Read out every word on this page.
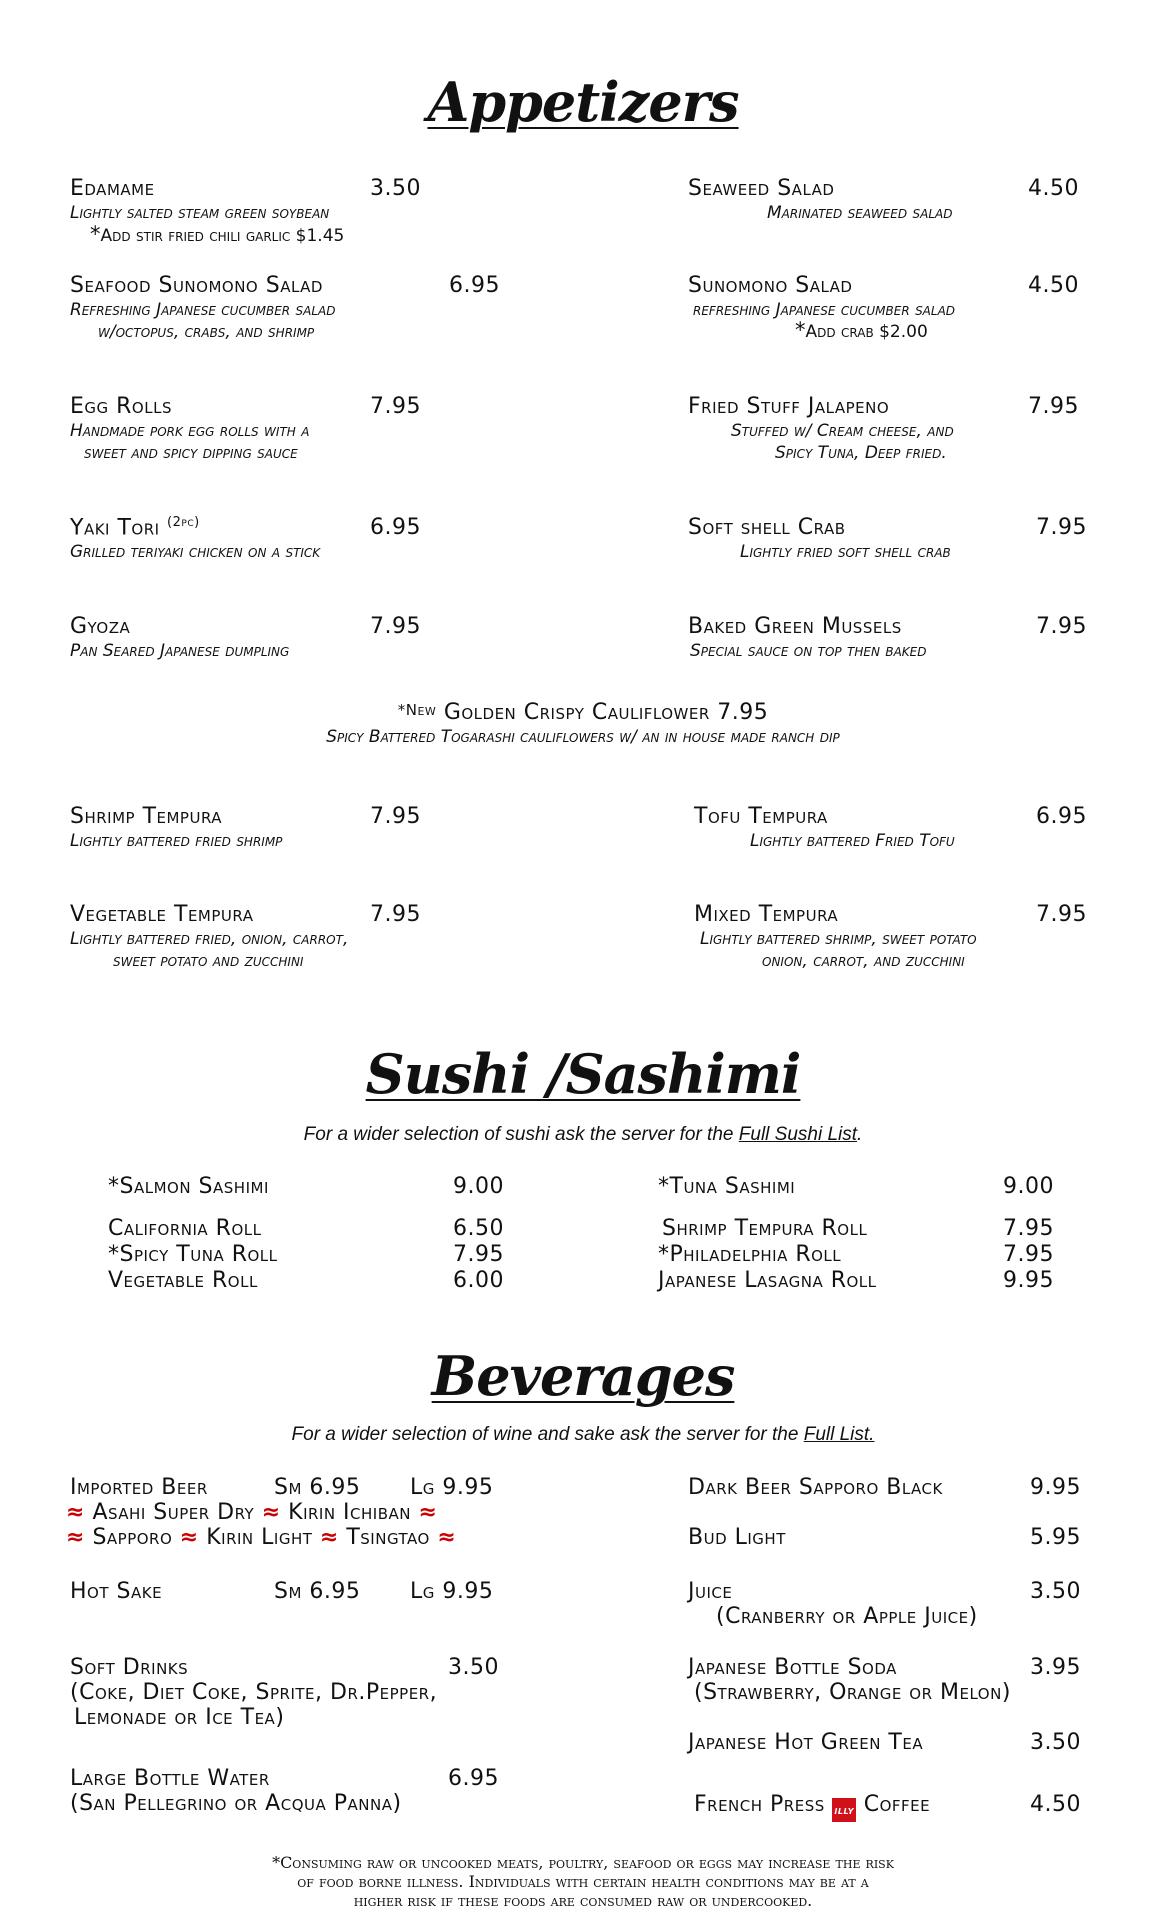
Appetizers
Edamame	3.50
Lightly salted steam green soybean
*Add stir fried chili garlic $1.45
Seafood Sunomono Salad	6.95
Refreshing Japanese cucumber salad
w/octopus, crabs, and shrimp
Egg Rolls	7.95
Handmade pork egg rolls with a
sweet and spicy dipping sauce
Yaki Tori $^{(2pc)}$	6.95
Grilled teriyaki chicken on a stick
Gyoza	7.95
Pan Seared Japanese dumpling
Seaweed Salad	4.50
Marinated seaweed salad
Sunomono Salad	4.50
refreshing Japanese cucumber salad
*Add crab $2.00
Fried Stuff Jalapeno	7.95
Stuffed w/ Cream cheese, and
Spicy Tuna, Deep fried.
Soft shell Crab	7.95
Lightly fried soft shell crab
Baked Green Mussels	7.95
Special sauce on top then baked
*New Golden Crispy Cauliflower 7.95
Spicy Battered Togarashi cauliflowers w/ an in house made ranch dip
Shrimp Tempura	7.95
Lightly battered fried shrimp
Vegetable Tempura	7.95
Lightly battered fried, onion, carrot,
sweet potato and zucchini
Tofu Tempura	6.95
Lightly battered Fried Tofu
Mixed Tempura	7.95
Lightly battered shrimp, sweet potato
onion, carrot, and zucchini
Sushi /Sashimi
For a wider selection of sushi ask the server for the Full Sushi List.
*Salmon Sashimi	9.00
California Roll	6.50
*Spicy Tuna Roll	7.95
Vegetable Roll	6.00
*Tuna Sashimi	9.00
Shrimp Tempura Roll	7.95
*Philadelphia Roll	7.95
Japanese Lasagna Roll	9.95
Beverages
For a wider selection of wine and sake ask the server for the Full List.
Imported Beer	Sm 6.95 Lg 9.95
≈ Asahi Super Dry ≈ Kirin Ichiban ≈
≈ Sapporo ≈ Kirin Light ≈ Tsingtao ≈
Hot Sake	Sm 6.95 Lg 9.95
Soft Drinks	3.50
(Coke, Diet Coke, Sprite, Dr.Pepper,
Lemonade or Ice Tea)
Large Bottle Water	6.95
(San Pellegrino or Acqua Panna)
Dark Beer Sapporo Black	9.95
Bud Light	5.95
Juice	3.50
(Cranberry or Apple Juice)
Japanese Bottle Soda	3.95
(Strawberry, Orange or Melon)
Japanese Hot Green Tea	3.50
French Press illy Coffee	4.50
*Consuming raw or uncooked meats, poultry, seafood or eggs may increase the risk
of food borne illness. Individuals with certain health conditions may be at a
higher risk if these foods are consumed raw or undercooked.
